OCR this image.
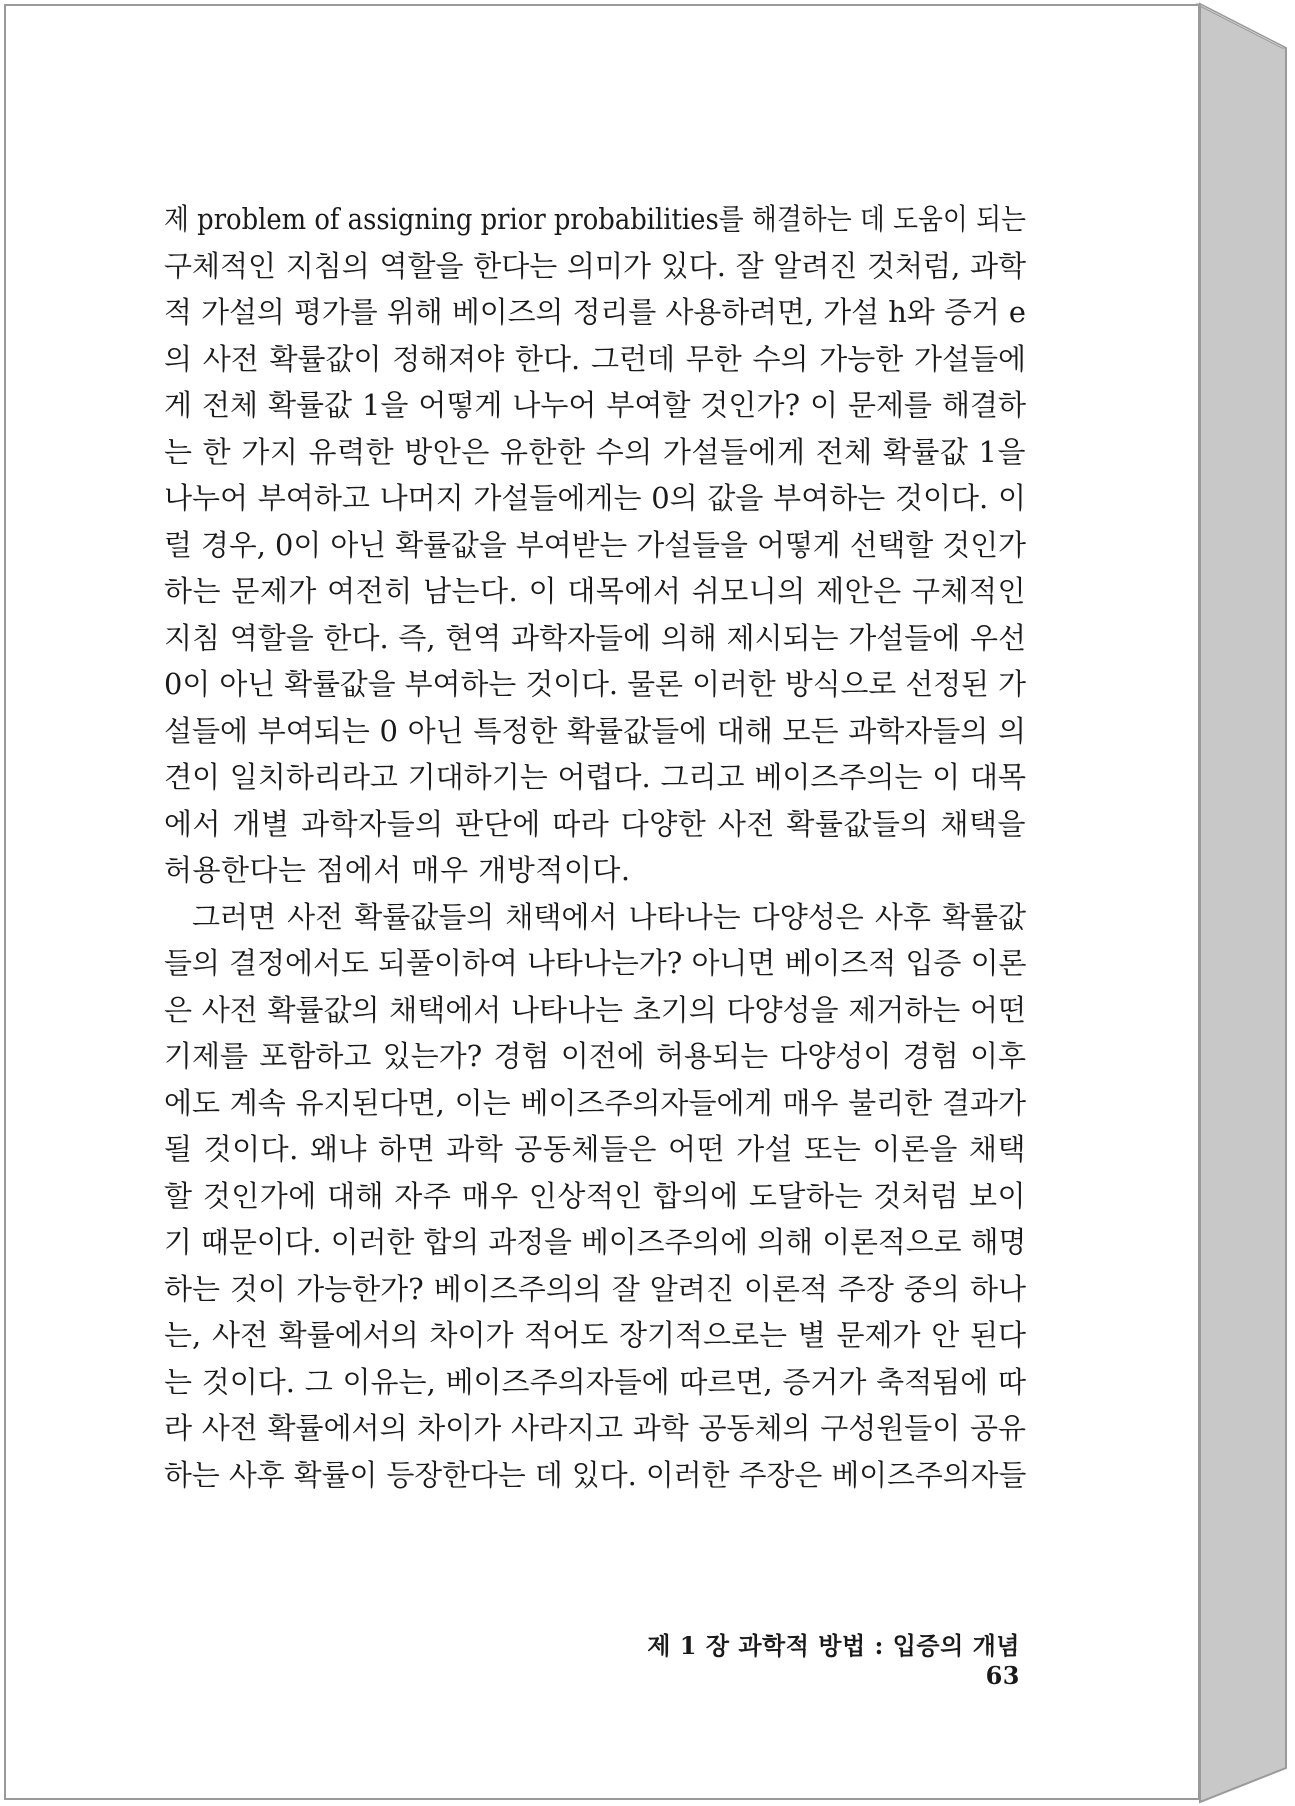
제 problem of assigning prior probabilities를 해결하는 데 도움이 되는
구체적인 지침의 역할을 한다는 의미가 있다. 잘 알려진 것처럼, 과학
적 가설의 평가를 위해 베이즈의 정리를 사용하려면, 가설 h와 증거 e
의 사전 확률값이 정해져야 한다. 그런데 무한 수의 가능한 가설들에
게 전체 확률값 1을 어떻게 나누어 부여할 것인가? 이 문제를 해결하
는 한 가지 유력한 방안은 유한한 수의 가설들에게 전체 확률값 1을
나누어 부여하고 나머지 가설들에게는 0의 값을 부여하는 것이다. 이
럴 경우, 0이 아닌 확률값을 부여받는 가설들을 어떻게 선택할 것인가
하는 문제가 여전히 남는다. 이 대목에서 쉬모니의 제안은 구체적인
지침 역할을 한다. 즉, 현역 과학자들에 의해 제시되는 가설들에 우선
0이 아닌 확률값을 부여하는 것이다. 물론 이러한 방식으로 선정된 가
설들에 부여되는 0 아닌 특정한 확률값들에 대해 모든 과학자들의 의
견이 일치하리라고 기대하기는 어렵다. 그리고 베이즈주의는 이 대목
에서 개별 과학자들의 판단에 따라 다양한 사전 확률값들의 채택을
허용한다는 점에서 매우 개방적이다.
그러면 사전 확률값들의 채택에서 나타나는 다양성은 사후 확률값
들의 결정에서도 되풀이하여 나타나는가? 아니면 베이즈적 입증 이론
은 사전 확률값의 채택에서 나타나는 초기의 다양성을 제거하는 어떤
기제를 포함하고 있는가? 경험 이전에 허용되는 다양성이 경험 이후
에도 계속 유지된다면, 이는 베이즈주의자들에게 매우 불리한 결과가
될 것이다. 왜냐 하면 과학 공동체들은 어떤 가설 또는 이론을 채택
할 것인가에 대해 자주 매우 인상적인 합의에 도달하는 것처럼 보이
기 때문이다. 이러한 합의 과정을 베이즈주의에 의해 이론적으로 해명
하는 것이 가능한가? 베이즈주의의 잘 알려진 이론적 주장 중의 하나
는, 사전 확률에서의 차이가 적어도 장기적으로는 별 문제가 안 된다
는 것이다. 그 이유는, 베이즈주의자들에 따르면, 증거가 축적됨에 따
라 사전 확률에서의 차이가 사라지고 과학 공동체의 구성원들이 공유
하는 사후 확률이 등장한다는 데 있다. 이러한 주장은 베이즈주의자들
제 1 장 과학적 방법 : 입증의 개념63
